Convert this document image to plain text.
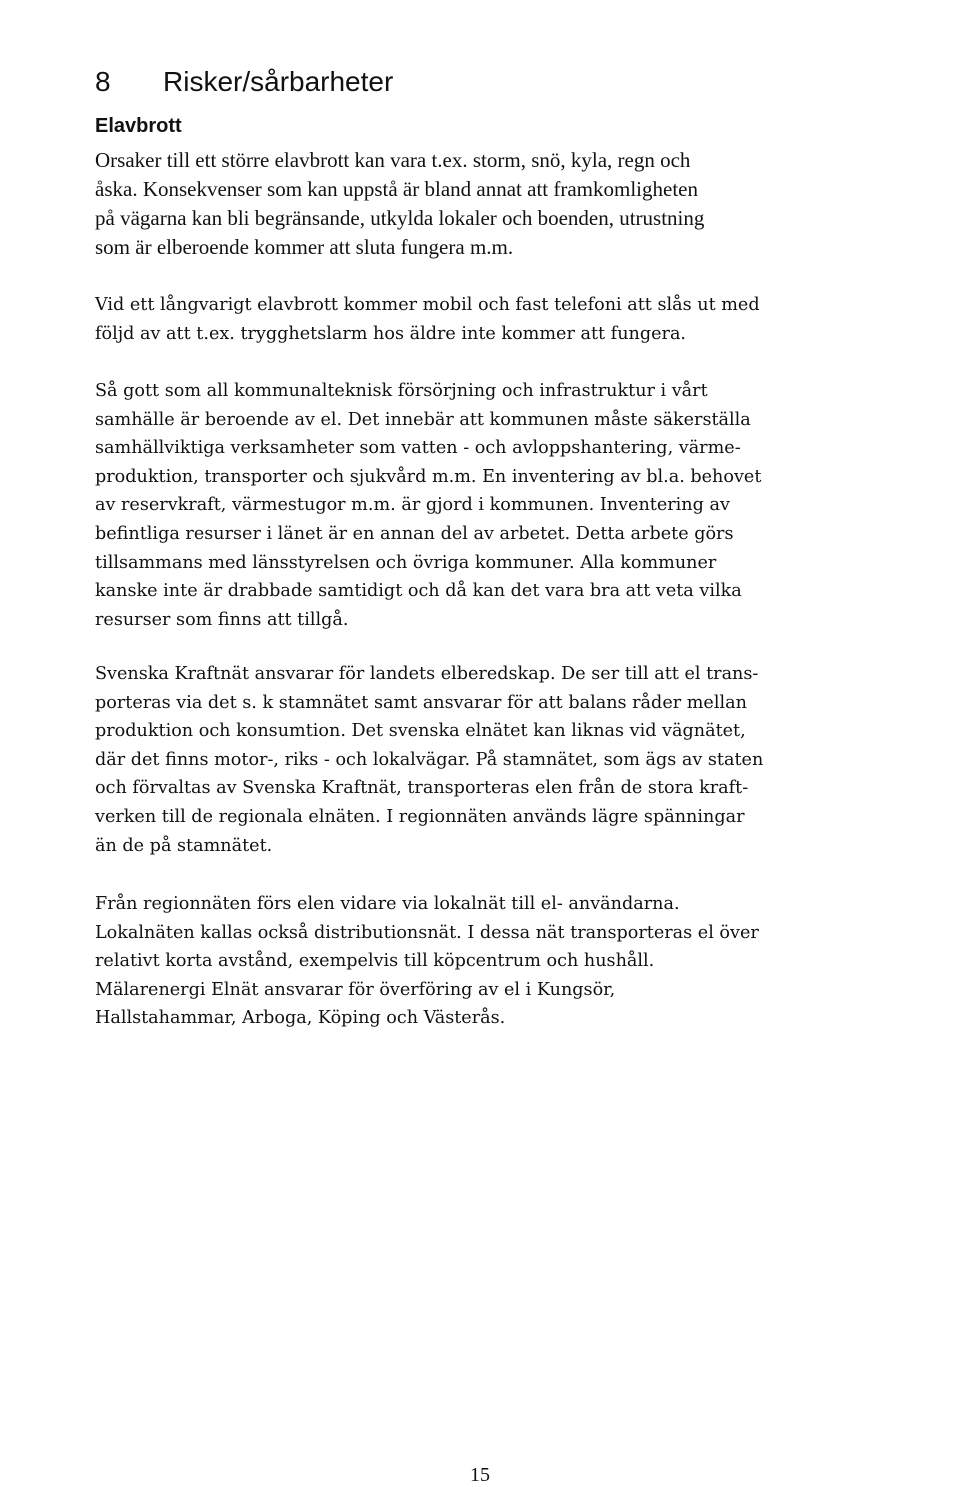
8 Risker/sårbarheter
Elavbrott

Orsaker till ett större elavbrott kan vara t.ex. storm, snö, kyla, regn och
åska. Konsekvenser som kan uppstå är bland annat att framkomligheten
på vägarna kan bli begränsande, utkylda lokaler och boenden, utrustning
som är elberoende kommer att sluta fungera m.m.

Vid ett långvarigt elavbrott kommer mobil och fast telefoni att slås ut med
följd av att t.ex. trygghetslarm hos äldre inte kommer att fungera.

Så gott som all kommunalteknisk försörjning och infrastruktur i vårt
samhälle är beroende av el. Det innebär att kommunen måste säkerställa
samhällviktiga verksamheter som vatten - och avloppshantering, värme-
produktion, transporter och sjukvård m.m. En inventering av bl.a. behovet
av reservkraft, värmestugor m.m. är gjord i kommunen. Inventering av
befintliga resurser i länet är en annan del av arbetet. Detta arbete görs
tillsammans med länsstyrelsen och övriga kommuner. Alla kommuner
kanske inte är drabbade samtidigt och då kan det vara bra att veta vilka
resurser som finns att tillgå.

Svenska Kraftnät ansvarar för landets elberedskap. De ser till att el trans-
porteras via det s. k stamnätet samt ansvarar för att balans råder mellan
produktion och konsumtion. Det svenska elnätet kan liknas vid vägnätet,
där det finns motor-, riks - och lokalvägar. På stamnätet, som ägs av staten
och förvaltas av Svenska Kraftnät, transporteras elen från de stora kraft-
verken till de regionala elnäten. I regionnäten används lägre spänningar
än de på stamnätet.

Från regionnäten förs elen vidare via lokalnät till el- användarna.
Lokalnäten kallas också distributionsnät. I dessa nät transporteras el över
relativt korta avstånd, exempelvis till köpcentrum och hushåll.
Mälarenergi Elnät ansvarar för överföring av el i Kungsör,
Hallstahammar, Arboga, Köping och Västerås.

15
